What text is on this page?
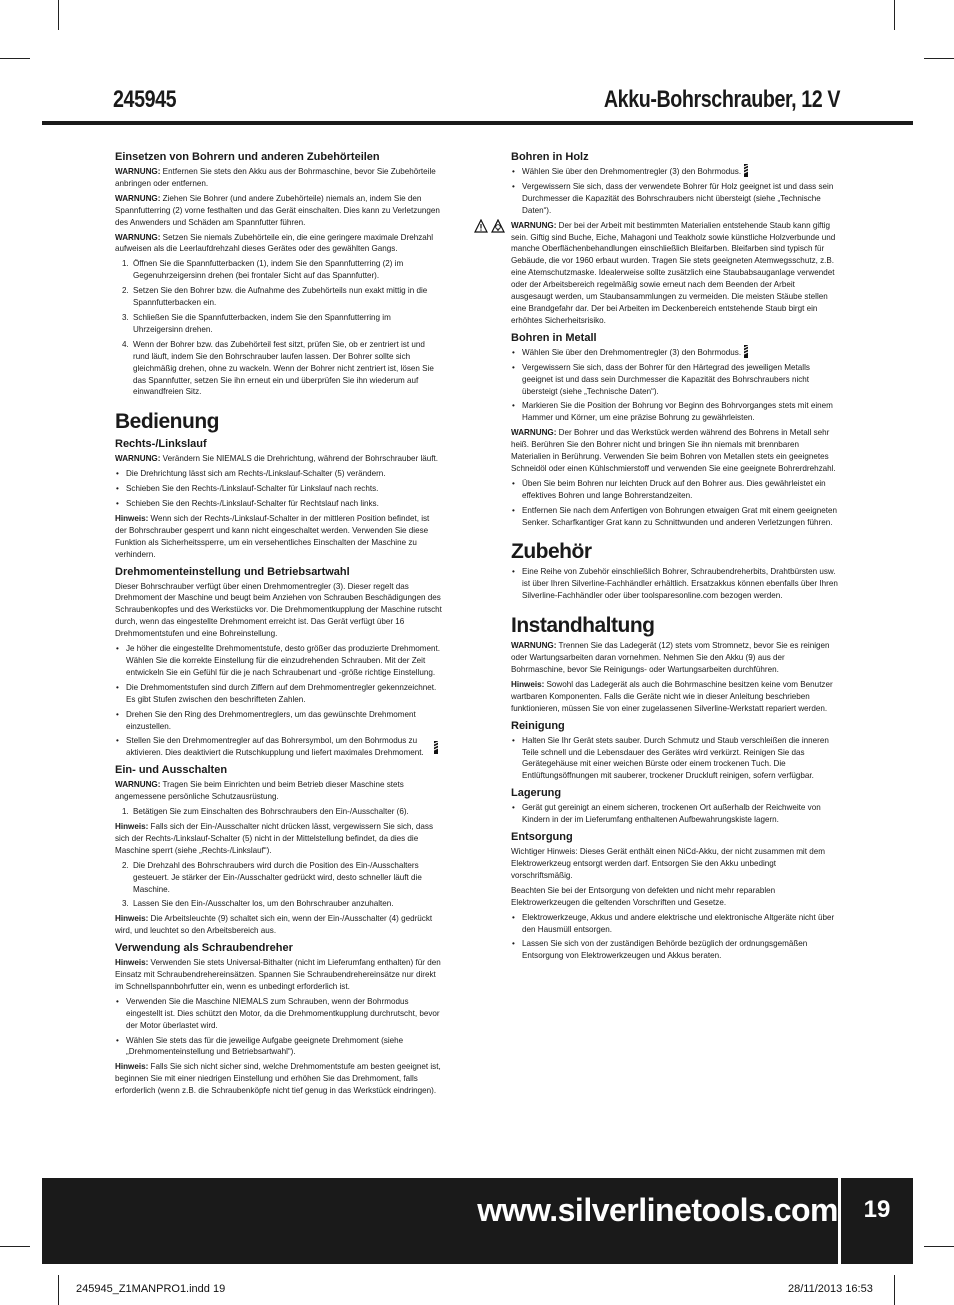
245945	Akku-Bohrschrauber, 12 V
Einsetzen von Bohrern und anderen Zubehörteilen

WARNUNG: Entfernen Sie stets den Akku aus der Bohrmaschine, bevor Sie Zubehörteile anbringen oder entfernen.

WARNUNG: Ziehen Sie Bohrer (und andere Zubehörteile) niemals an, indem Sie den Spannfutterring (2) vorne festhalten und das Gerät einschalten. Dies kann zu Verletzungen des Anwenders und Schäden am Spannfutter führen.

WARNUNG: Setzen Sie niemals Zubehörteile ein, die eine geringere maximale Drehzahl aufweisen als die Leerlaufdrehzahl dieses Gerätes oder des gewählten Gangs.

1. Öffnen Sie die Spannfutterbacken (1), indem Sie den Spannfutterring (2) im Gegenuhrzeigersinn drehen (bei frontaler Sicht auf das Spannfutter).
2. Setzen Sie den Bohrer bzw. die Aufnahme des Zubehörteils nun exakt mittig in die Spannfutterbacken ein.
3. Schließen Sie die Spannfutterbacken, indem Sie den Spannfutterring im Uhrzeigersinn drehen.
4. Wenn der Bohrer bzw. das Zubehörteil fest sitzt, prüfen Sie, ob er zentriert ist und rund läuft, indem Sie den Bohrschrauber laufen lassen. Der Bohrer sollte sich gleichmäßig drehen, ohne zu wackeln. Wenn der Bohrer nicht zentriert ist, lösen Sie das Spannfutter, setzen Sie ihn erneut ein und überprüfen Sie ihn wiederum auf einwandfreien Sitz.
Bedienung
Rechts-/Linkslauf

WARNUNG: Verändern Sie NIEMALS die Drehrichtung, während der Bohrschrauber läuft.

• Die Drehrichtung lässt sich am Rechts-/Linkslauf-Schalter (5) verändern.
• Schieben Sie den Rechts-/Linkslauf-Schalter für Linkslauf nach rechts.
• Schieben Sie den Rechts-/Linkslauf-Schalter für Rechtslauf nach links.

Hinweis: Wenn sich der Rechts-/Linkslauf-Schalter in der mittleren Position befindet, ist der Bohrschrauber gesperrt und kann nicht eingeschaltet werden. Verwenden Sie diese Funktion als Sicherheitssperre, um ein versehentliches Einschalten der Maschine zu verhindern.

Drehmomenteinstellung und Betriebsartwahl

Dieser Bohrschrauber verfügt über einen Drehmomentregler (3). Dieser regelt das Drehmoment der Maschine und beugt beim Anziehen von Schrauben Beschädigungen des Schraubenkopfes und des Werkstücks vor. Die Drehmomentkupplung der Maschine rutscht durch, wenn das eingestellte Drehmoment erreicht ist. Das Gerät verfügt über 16 Drehmomentstufen und eine Bohreinstellung.

• Je höher die eingestellte Drehmomentstufe, desto größer das produzierte Drehmoment. Wählen Sie die korrekte Einstellung für die einzudrehenden Schrauben. Mit der Zeit entwickeln Sie ein Gefühl für die je nach Schraubenart und -größe richtige Einstellung.
• Die Drehmomentstufen sind durch Ziffern auf dem Drehmomentregler gekennzeichnet. Es gibt Stufen zwischen den beschrifteten Zahlen.
• Drehen Sie den Ring des Drehmomentreglers, um das gewünschte Drehmoment einzustellen.
• Stellen Sie den Drehmomentregler auf das Bohrersymbol, um den Bohrmodus zu aktivieren. Dies deaktiviert die Rutschkupplung und liefert maximales Drehmoment.
Ein- und Ausschalten

WARNUNG: Tragen Sie beim Einrichten und beim Betrieb dieser Maschine stets angemessene persönliche Schutzausrüstung.

1. Betätigen Sie zum Einschalten des Bohrschraubers den Ein-/Ausschalter (6).

Hinweis: Falls sich der Ein-/Ausschalter nicht drücken lässt, vergewissern Sie sich, dass sich der Rechts-/Linkslauf-Schalter (5) nicht in der Mittelstellung befindet, da dies die Maschine sperrt (siehe „Rechts-/Linkslauf“).

2. Die Drehzahl des Bohrschraubers wird durch die Position des Ein-/Ausschalters gesteuert. Je stärker der Ein-/Ausschalter gedrückt wird, desto schneller läuft die Maschine.
3. Lassen Sie den Ein-/Ausschalter los, um den Bohrschrauber anzuhalten.

Hinweis: Die Arbeitsleuchte (9) schaltet sich ein, wenn der Ein-/Ausschalter (4) gedrückt wird, und leuchtet so den Arbeitsbereich aus.

Verwendung als Schraubendreher

Hinweis: Verwenden Sie stets Universal-Bithalter (nicht im Lieferumfang enthalten) für den Einsatz mit Schraubendrehereinsätzen. Spannen Sie Schraubendrehereinsätze nur direkt im Schnellspannbohrfutter ein, wenn es unbedingt erforderlich ist.

• Verwenden Sie die Maschine NIEMALS zum Schrauben, wenn der Bohrmodus eingestellt ist. Dies schützt den Motor, da die Drehmomentkupplung durchrutscht, bevor der Motor überlastet wird.
• Wählen Sie stets das für die jeweilige Aufgabe geeignete Drehmoment (siehe „Drehmomenteinstellung und Betriebsartwahl“).

Hinweis: Falls Sie sich nicht sicher sind, welche Drehmomentstufe am besten geeignet ist, beginnen Sie mit einer niedrigen Einstellung und erhöhen Sie das Drehmoment, falls erforderlich (wenn z.B. die Schraubenköpfe nicht tief genug in das Werkstück eindringen).

Bohren in Holz
• Wählen Sie über den Drehmomentregler (3) den Bohrmodus.
• Vergewissern Sie sich, dass der verwendete Bohrer für Holz geeignet ist und dass sein Durchmesser die Kapazität des Bohrschraubers nicht übersteigt (siehe „Technische Daten“).

WARNUNG: Der bei der Arbeit mit bestimmten Materialien entstehende Staub kann giftig sein. Giftig sind Buche, Eiche, Mahagoni und Teakholz sowie künstliche Holzverbunde und manche Oberflächenbehandlungen einschließlich Bleifarben. Bleifarben sind typisch für Gebäude, die vor 1960 erbaut wurden. Tragen Sie stets geeigneten Atemwegsschutz, z.B. eine Atemschutzmaske. Idealerweise sollte zusätzlich eine Staubabsauganlage verwendet oder der Arbeitsbereich regelmäßig sowie erneut nach dem Beenden der Arbeit ausgesaugt werden, um Staubansammlungen zu vermeiden. Die meisten Stäube stellen eine Brandgefahr dar. Der bei Arbeiten im Deckenbereich entstehende Staub birgt ein erhöhtes Sicherheitsrisiko.

Bohren in Metall
• Wählen Sie über den Drehmomentregler (3) den Bohrmodus.
• Vergewissern Sie sich, dass der Bohrer für den Härtegrad des jeweiligen Metalls geeignet ist und dass sein Durchmesser die Kapazität des Bohrschraubers nicht übersteigt (siehe „Technische Daten“).
• Markieren Sie die Position der Bohrung vor Beginn des Bohrvorganges stets mit einem Hammer und Körner, um eine präzise Bohrung zu gewährleisten.

WARNUNG: Der Bohrer und das Werkstück werden während des Bohrens in Metall sehr heiß. Berühren Sie den Bohrer nicht und bringen Sie ihn niemals mit brennbaren Materialien in Berührung. Verwenden Sie beim Bohren von Metallen stets ein geeignetes Schneidöl oder einen Kühlschmierstoff und verwenden Sie eine geeignete Bohrerdrehzahl.

• Üben Sie beim Bohren nur leichten Druck auf den Bohrer aus. Dies gewährleistet ein effektives Bohren und lange Bohrerstandzeiten.
• Entfernen Sie nach dem Anfertigen von Bohrungen etwaigen Grat mit einem geeigneten Senker. Scharfkantiger Grat kann zu Schnittwunden und anderen Verletzungen führen.
Zubehör
• Eine Reihe von Zubehör einschließlich Bohrer, Schraubendreherbits, Drahtbürsten usw. ist über Ihren Silverline-Fachhändler erhältlich. Ersatzakkus können ebenfalls über Ihren Silverline-Fachhändler oder über toolsparesonline.com bezogen werden.
Instandhaltung

WARNUNG: Trennen Sie das Ladegerät (12) stets vom Stromnetz, bevor Sie es reinigen oder Wartungsarbeiten daran vornehmen. Nehmen Sie den Akku (9) aus der Bohrmaschine, bevor Sie Reinigungs- oder Wartungsarbeiten durchführen.

Hinweis: Sowohl das Ladegerät als auch die Bohrmaschine besitzen keine vom Benutzer wartbaren Komponenten. Falls die Geräte nicht wie in dieser Anleitung beschrieben funktionieren, müssen Sie von einer zugelassenen Silverline-Werkstatt repariert werden.

Reinigung
• Halten Sie Ihr Gerät stets sauber. Durch Schmutz und Staub verschleißen die inneren Teile schnell und die Lebensdauer des Gerätes wird verkürzt. Reinigen Sie das Gerätegehäuse mit einer weichen Bürste oder einem trockenen Tuch. Die Entlüftungsöffnungen mit sauberer, trockener Druckluft reinigen, sofern verfügbar.
Lagerung
• Gerät gut gereinigt an einem sicheren, trockenen Ort außerhalb der Reichweite von Kindern in der im Lieferumfang enthaltenen Aufbewahrungskiste lagern.
Entsorgung

Wichtiger Hinweis: Dieses Gerät enthält einen NiCd-Akku, der nicht zusammen mit dem Elektrowerkzeug entsorgt werden darf. Entsorgen Sie den Akku unbedingt vorschriftsmäßig.

Beachten Sie bei der Entsorgung von defekten und nicht mehr reparablen Elektrowerkzeugen die geltenden Vorschriften und Gesetze.

• Elektrowerkzeuge, Akkus und andere elektrische und elektronische Altgeräte nicht über den Hausmüll entsorgen.
• Lassen Sie sich von der zuständigen Behörde bezüglich der ordnungsgemäßen Entsorgung von Elektrowerkzeugen und Akkus beraten.
www.silverlinetools.com	19
245945_Z1MANPRO1.indd 19	28/11/2013 16:53
